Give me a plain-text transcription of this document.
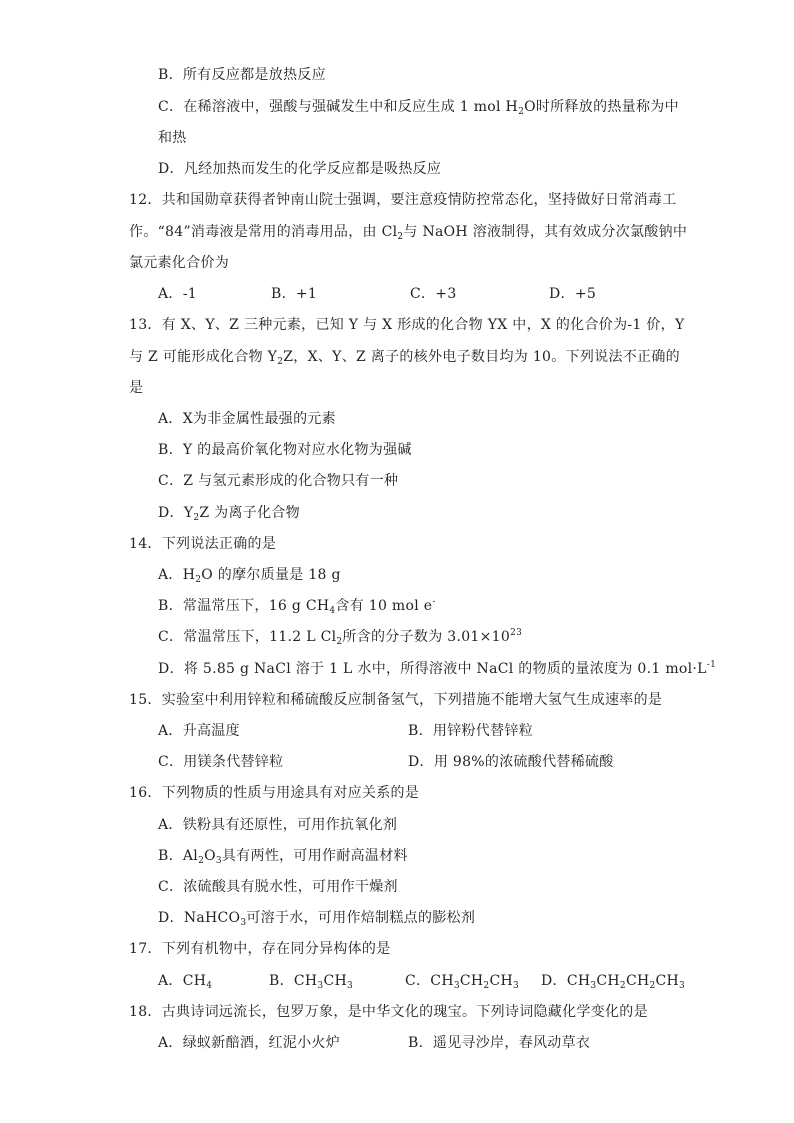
B．所有反应都是放热反应
C．在稀溶液中，强酸与强碱发生中和反应生成 1 mol $H_2O$时所释放的热量称为中
和热
D．凡经加热而发生的化学反应都是吸热反应
12．共和国勋章获得者钟南山院士强调，要注意疫情防控常态化，坚持做好日常消毒工
作。“84”消毒液是常用的消毒用品，由 $Cl_2$与 NaOH 溶液制得，其有效成分次氯酸钠中
氯元素化合价为
A．-1	B．+1	C．+3	D．+5
13．有 X、Y、Z 三种元素，已知 Y 与 X 形成的化合物 YX 中，X 的化合价为-1 价，Y
与 Z 可能形成化合物 $Y_2Z$，X、Y、Z 离子的核外电子数目均为 10。下列说法不正确的
是
A．X为非金属性最强的元素
B．Y 的最高价氧化物对应水化物为强碱
C．Z 与氢元素形成的化合物只有一种
D．$Y_2Z$ 为离子化合物
14．下列说法正确的是
A．$H_2O$ 的摩尔质量是 18 g
B．常温常压下，16 g $CH_4$含有 10 mol e-
C．常温常压下，11.2 L $Cl_2$所含的分子数为 $3.01\times 10^{23}$
D．将 5.85 g NaCl 溶于 1 L 水中，所得溶液中 NaCl 的物质的量浓度为 0.1 $mol\cdot L^{-1}$
15．实验室中利用锌粒和稀硫酸反应制备氢气，下列措施不能增大氢气生成速率的是
A．升高温度	B．用锌粉代替锌粒
C．用镁条代替锌粒	D．用 98%的浓硫酸代替稀硫酸
16．下列物质的性质与用途具有对应关系的是
A．铁粉具有还原性，可用作抗氧化剂
B．$Al_2O_3$具有两性，可用作耐高温材料
C．浓硫酸具有脱水性，可用作干燥剂
D．NaHCO$_3$可溶于水，可用作焙制糕点的膨松剂
17．下列有机物中，存在同分异构体的是
A．$CH_4$	B．$CH_3CH_3$	C．$CH_3CH_2CH_3$ D．$CH_3CH_2CH_2CH_3$
18．古典诗词远流长，包罗万象，是中华文化的瑰宝。下列诗词隐藏化学变化的是
A．绿蚁新醅酒，红泥小火炉	B．遥见寻沙岸，春风动草衣
